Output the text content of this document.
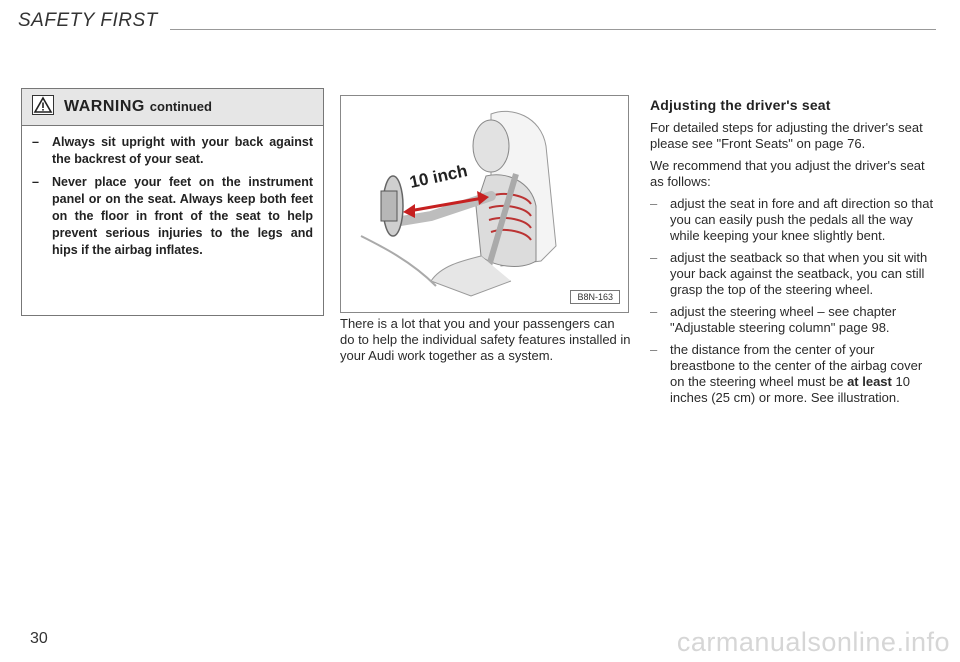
SAFETY FIRST
WARNING continued
–	Always sit upright with your back against the backrest of your seat.
–	Never place your feet on the instrument panel or on the seat. Always keep both feet on the floor in front of the seat to help prevent serious injuries to the legs and hips if the airbag inflates.
10 inch
B8N-163
There is a lot that you and your passengers can do to help the individual safety features installed in your Audi work together as a system.
Adjusting the driver's seat

For detailed steps for adjusting the driver's seat please see "Front Seats" on page 76.

We recommend that you adjust the driver's seat as follows:

– adjust the seat in fore and aft direction so that you can easily push the pedals all the way while keeping your knee slightly bent.
– adjust the seatback so that when you sit with your back against the seatback, you can still grasp the top of the steering wheel.
– adjust the steering wheel – see chapter "Adjustable steering column" page 98.
– the distance from the center of your breastbone to the center of the airbag cover on the steering wheel must be at least 10 inches (25 cm) or more. See illustration.
30	carmanualsonline.info
